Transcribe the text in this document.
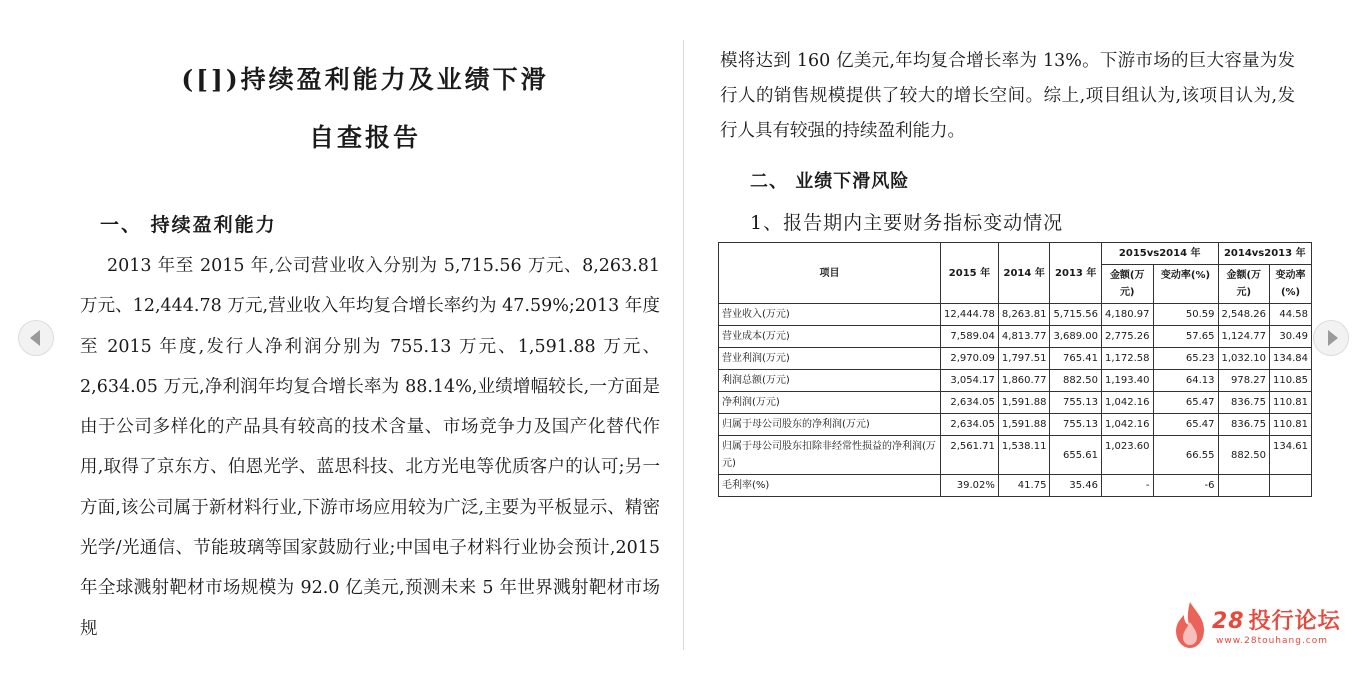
([])持续盈利能力及业绩下滑
自查报告
一、 持续盈利能力
2013 年至 2015 年,公司营业收入分别为 5,715.56 万元、8,263.81 万元、12,444.78 万元,营业收入年均复合增长率约为 47.59%;2013 年度至 2015 年度,发行人净利润分别为 755.13 万元、1,591.88 万元、2,634.05 万元,净利润年均复合增长率为 88.14%,业绩增幅较长,一方面是由于公司多样化的产品具有较高的技术含量、市场竞争力及国产化替代作用,取得了京东方、伯恩光学、蓝思科技、北方光电等优质客户的认可;另一方面,该公司属于新材料行业,下游市场应用较为广泛,主要为平板显示、精密光学/光通信、节能玻璃等国家鼓励行业;中国电子材料行业协会预计,2015 年全球溅射靶材市场规模为 92.0 亿美元,预测未来 5 年世界溅射靶材市场规
模将达到 160 亿美元,年均复合增长率为 13%。下游市场的巨大容量为发行人的销售规模提供了较大的增长空间。综上,项目组认为,该项目认为,发行人具有较强的持续盈利能力。
二、 业绩下滑风险
1、报告期内主要财务指标变动情况
项目	2015 年	2014 年	2013 年	2015vs2014 年		2014vs2013 年	
				金额(万元)	变动率(%)	金额(万元)	变动率(%)
营业收入(万元)	12,444.78	8,263.81	5,715.56	4,180.97	50.59	2,548.26	44.58
营业成本(万元)	7,589.04	4,813.77	3,689.00	2,775.26	57.65	1,124.77	30.49
营业利润(万元)	2,970.09	1,797.51	765.41	1,172.58	65.23	1,032.10	134.84
利润总额(万元)	3,054.17	1,860.77	882.50	1,193.40	64.13	978.27	110.85
净利润(万元)	2,634.05	1,591.88	755.13	1,042.16	65.47	836.75	110.81
归属于母公司股东的净利润(万元)	2,634.05	1,591.88	755.13	1,042.16	65.47	836.75	110.81
归属于母公司股东扣除非经常性损益的净利润(万元)	2,561.71	1,538.11	655.61	1,023.60	66.55	882.50	134.61
毛利率(%)	39.02%	41.75	35.46	-	-6		
28 投行论坛
www.28touhang.com
